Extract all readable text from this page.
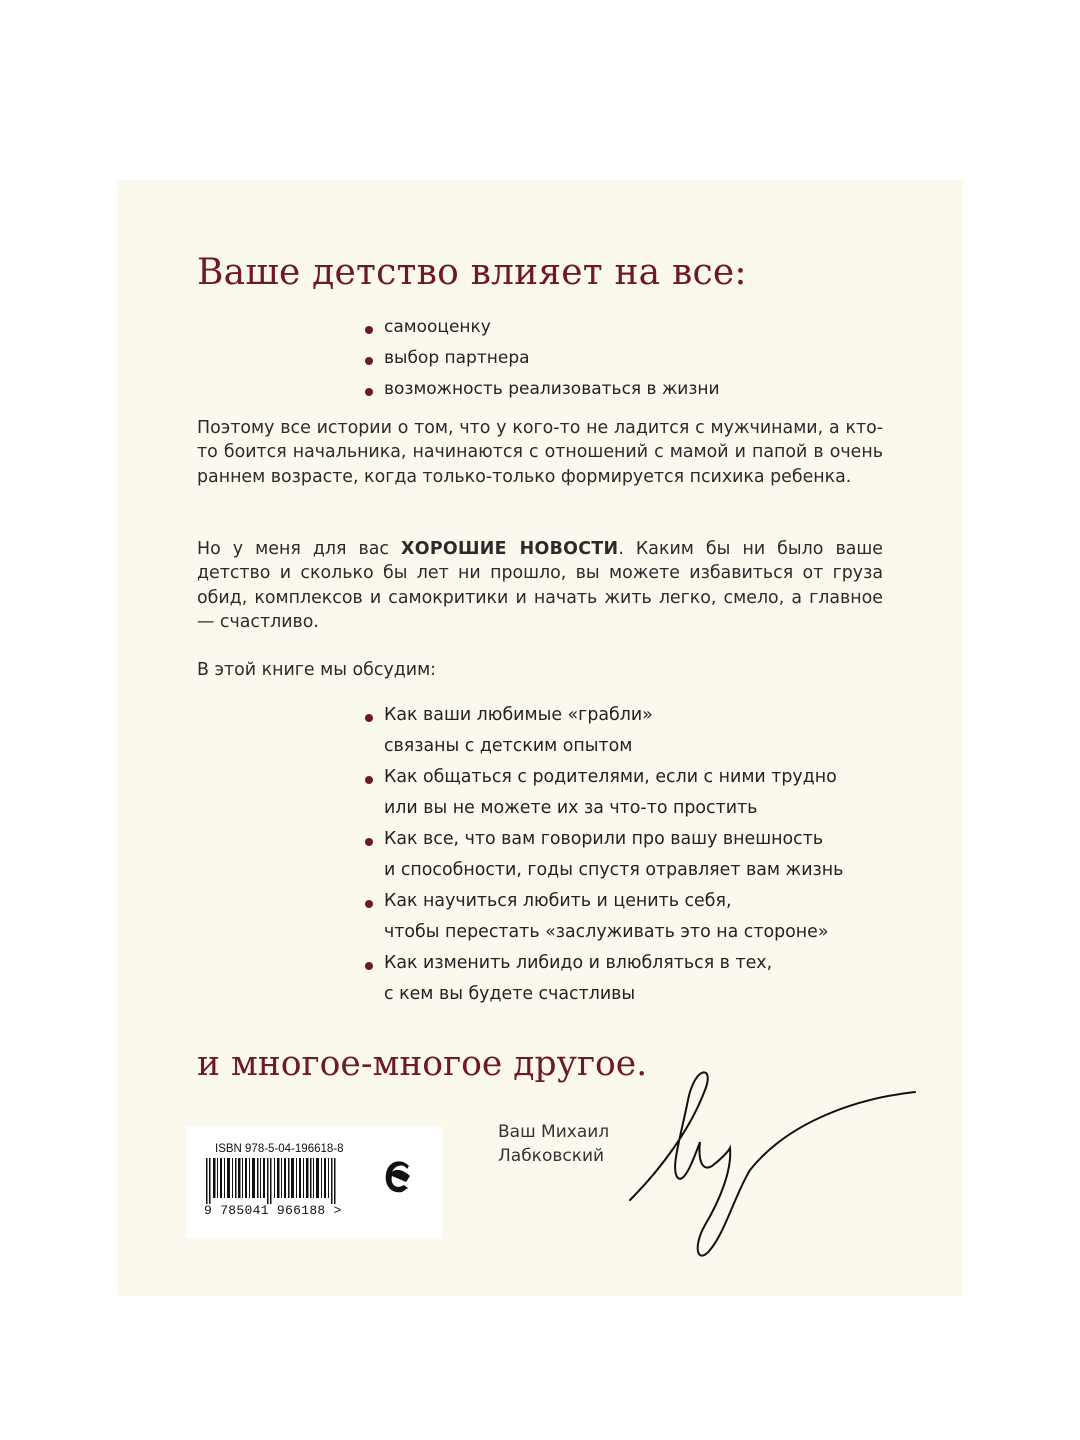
Ваше детство влияет на все:
самооценку
выбор партнера
возможность реализоваться в жизни

Поэтому все истории о том, что у кого-то не ладится с мужчинами, а кто-то боится начальника, начинаются с отношений с мамой и папой в очень раннем возрасте, когда только-только формируется психика ребенка.

Но у меня для вас ХОРОШИЕ НОВОСТИ. Каким бы ни было ваше детство и сколько бы лет ни прошло, вы можете избавиться от груза обид, комплексов и самокритики и начать жить легко, смело, а главное — счастливо.

В этой книге мы обсудим:

Как ваши любимые «грабли»
связаны с детским опытом
Как общаться с родителями, если с ними трудно
или вы не можете их за что-то простить
Как все, что вам говорили про вашу внешность
и способности, годы спустя отравляет вам жизнь
Как научиться любить и ценить себя,
чтобы перестать «заслуживать это на стороне»
Как изменить либидо и влюбляться в тех,
с кем вы будете счастливы
и многое-многое другое.
ISBN 978-5-04-196618-8
9 785041 966188 >
Ваш Михаил
Лабковский
